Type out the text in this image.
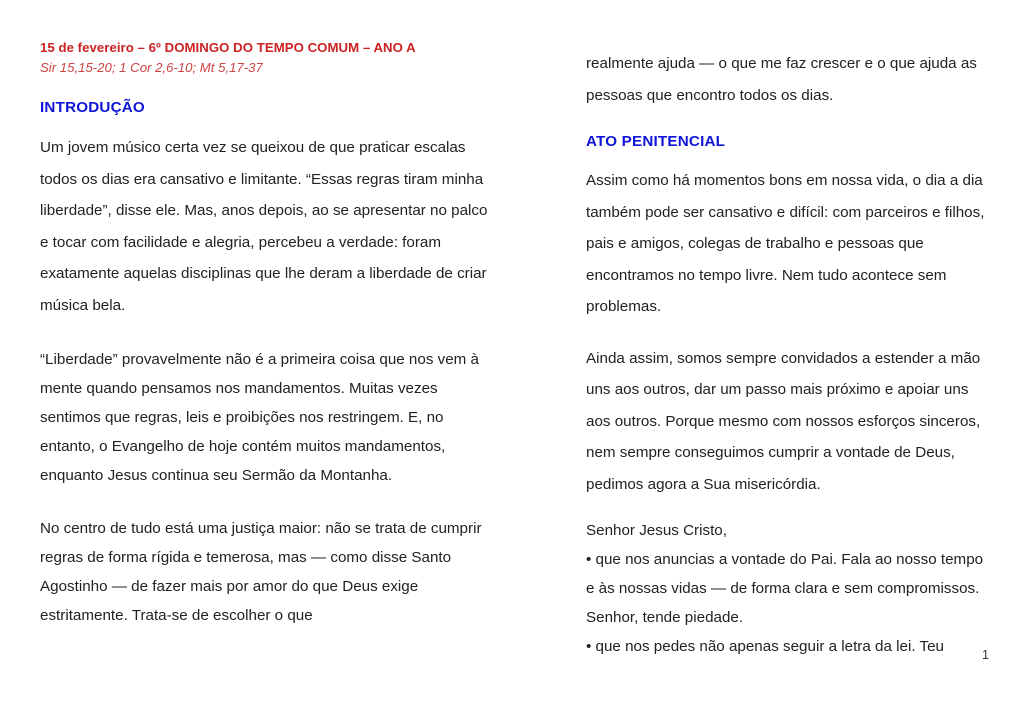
15 de fevereiro – 6º DOMINGO DO TEMPO COMUM – ANO A

Sir 15,15-20; 1 Cor 2,6-10; Mt 5,17-37

INTRODUÇÃO

Um jovem músico certa vez se queixou de que praticar escalas todos os dias era cansativo e limitante. “Essas regras tiram minha liberdade”, disse ele. Mas, anos depois, ao se apresentar no palco e tocar com facilidade e alegria, percebeu a verdade: foram exatamente aquelas disciplinas que lhe deram a liberdade de criar música bela.

“Liberdade” provavelmente não é a primeira coisa que nos vem à mente quando pensamos nos mandamentos. Muitas vezes sentimos que regras, leis e proibições nos restringem. E, no entanto, o Evangelho de hoje contém muitos mandamentos, enquanto Jesus continua seu Sermão da Montanha.

No centro de tudo está uma justiça maior: não se trata de cumprir regras de forma rígida e temerosa, mas — como disse Santo Agostinho — de fazer mais por amor do que Deus exige estritamente. Trata-se de escolher o que

realmente ajuda — o que me faz crescer e o que ajuda as pessoas que encontro todos os dias.

ATO PENITENCIAL

Assim como há momentos bons em nossa vida, o dia a dia também pode ser cansativo e difícil: com parceiros e filhos, pais e amigos, colegas de trabalho e pessoas que encontramos no tempo livre. Nem tudo acontece sem problemas.

Ainda assim, somos sempre convidados a estender a mão uns aos outros, dar um passo mais próximo e apoiar uns aos outros. Porque mesmo com nossos esforços sinceros, nem sempre conseguimos cumprir a vontade de Deus, pedimos agora a Sua misericórdia.

Senhor Jesus Cristo,

• que nos anuncias a vontade do Pai. Fala ao nosso tempo e às nossas vidas — de forma clara e sem compromissos. Senhor, tende piedade.

• que nos pedes não apenas seguir a letra da lei. Teu	1
